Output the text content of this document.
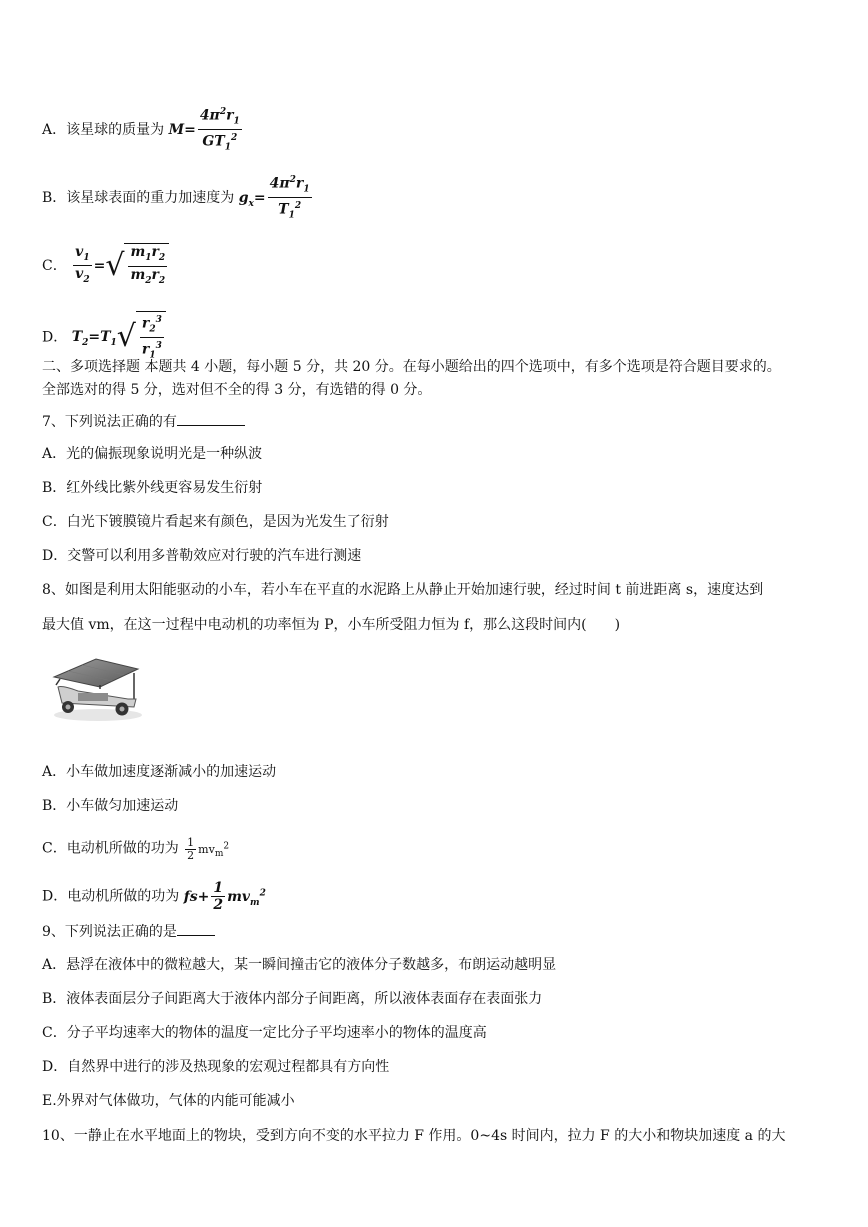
A．该星球的质量为 $M= \frac{4\pi^2r_1}{GT_1^2}$
B．该星球表面的重力加速度为 $g_x= \frac{4\pi^2r_1}{T_1^2}$
C． $\frac{v_1}{v_2}$ = √ $\frac{m_1r_2}{m_2r_2}$
D． $T_2=T_1$ √ $\frac{r_2^3}{r_1^3}$
二、多项选择题 本题共 4 小题，每小题 5 分，共 20 分。在每小题给出的四个选项中，有多个选项是符合题目要求的。
全部选对的得 5 分，选对但不全的得 3 分，有选错的得 0 分。
7、下列说法正确的有
A．光的偏振现象说明光是一种纵波
B．红外线比紫外线更容易发生衍射
C．白光下镀膜镜片看起来有颜色，是因为光发生了衍射
D．交警可以利用多普勒效应对行驶的汽车进行测速
8、如图是利用太阳能驱动的小车，若小车在平直的水泥路上从静止开始加速行驶，经过时间 t 前进距离 s，速度达到
最大值 vm，在这一过程中电动机的功率恒为 P，小车所受阻力恒为 f，那么这段时间内(　　)
A．小车做加速度逐渐减小的加速运动
B．小车做匀加速运动
C．电动机所做的功为 $\frac{1}{2} mv_m^2$
D．电动机所做的功为 $fs+ \frac{1}{2} mv_m^2$
9、下列说法正确的是
A．悬浮在液体中的微粒越大，某一瞬间撞击它的液体分子数越多，布朗运动越明显
B．液体表面层分子间距离大于液体内部分子间距离，所以液体表面存在表面张力
C．分子平均速率大的物体的温度一定比分子平均速率小的物体的温度高
D．自然界中进行的涉及热现象的宏观过程都具有方向性
E.外界对气体做功，气体的内能可能减小
10、一静止在水平地面上的物块，受到方向不变的水平拉力 F 作用。0~4s 时间内，拉力 F 的大小和物块加速度 a 的大
